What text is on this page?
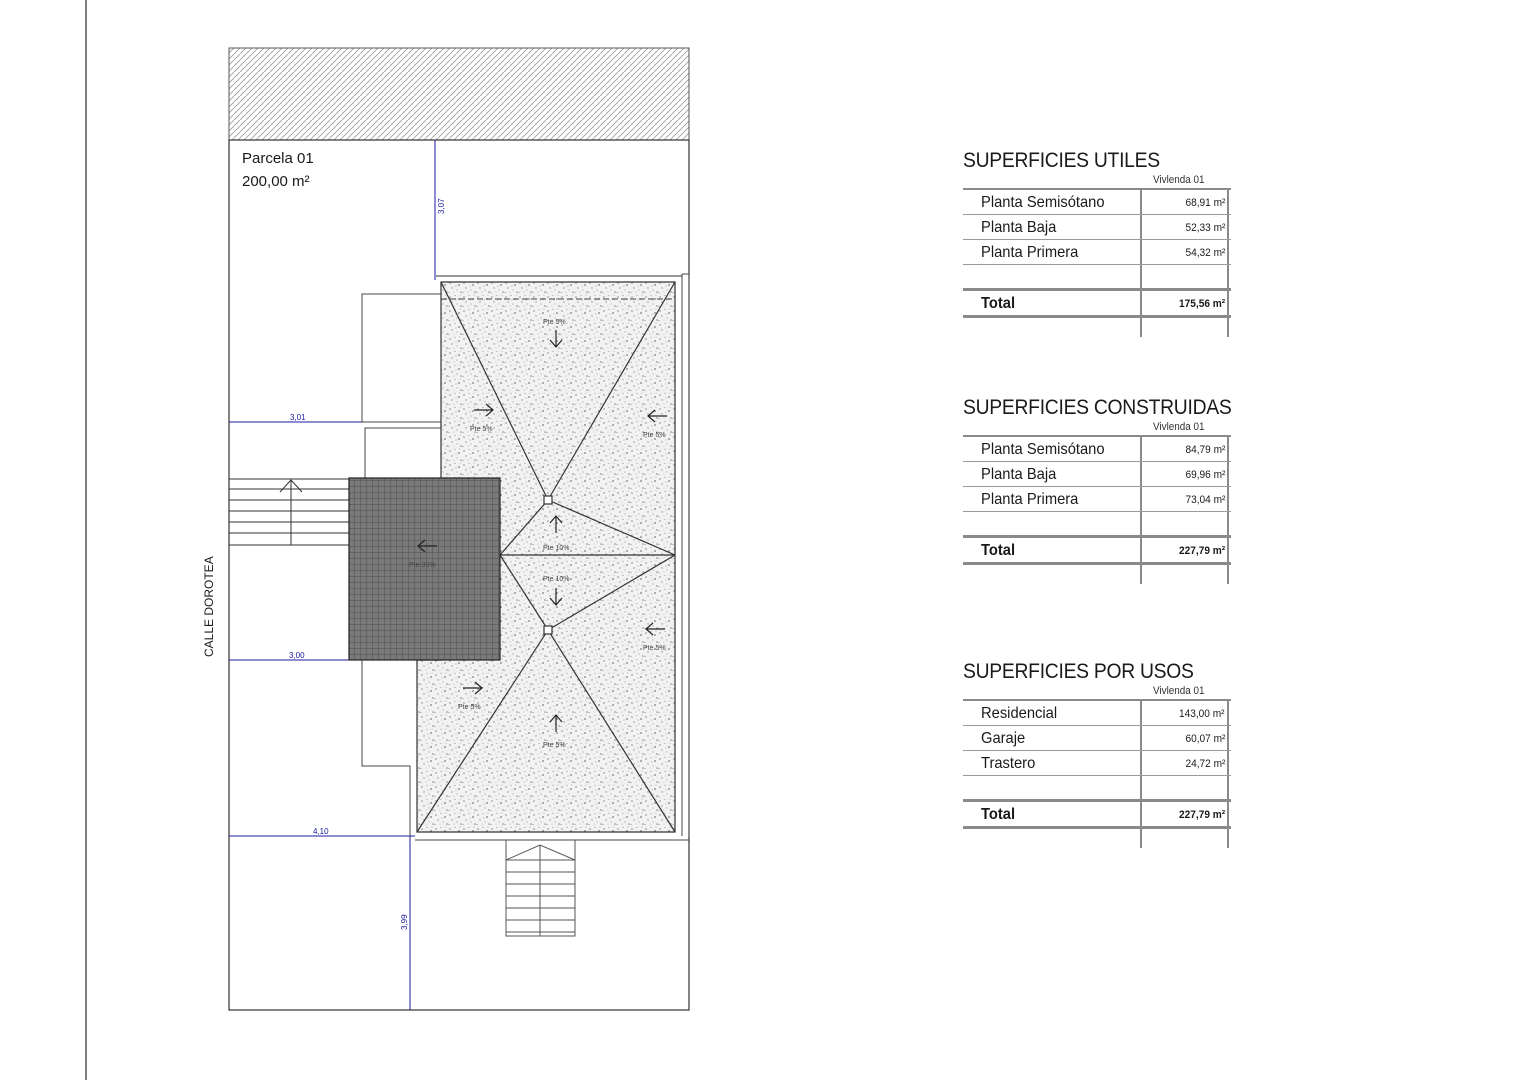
Parcela 01
200,00 m²
CALLE DOROTEA
3,07
3,01
3,00
4,10
3,99
Pte 5%
Pte 5%
Pte 5%
Pte 10%
Pte 10%
Pte 5%
Pte 5%
Pte 5%
Pte 35%
SUPERFICIES UTILES
Vivlenda 01
Planta Semisótano	68,91 m²
Planta Baja	52,33 m²
Planta Primera	54,32 m²
Total	175,56 m²
SUPERFICIES CONSTRUIDAS
Vivlenda 01
Planta Semisótano	84,79 m²
Planta Baja	69,96 m²
Planta Primera	73,04 m²
Total	227,79 m²
SUPERFICIES POR USOS
Vivlenda 01
Residencial	143,00 m²
Garaje	60,07 m²
Trastero	24,72 m²
Total	227,79 m²
